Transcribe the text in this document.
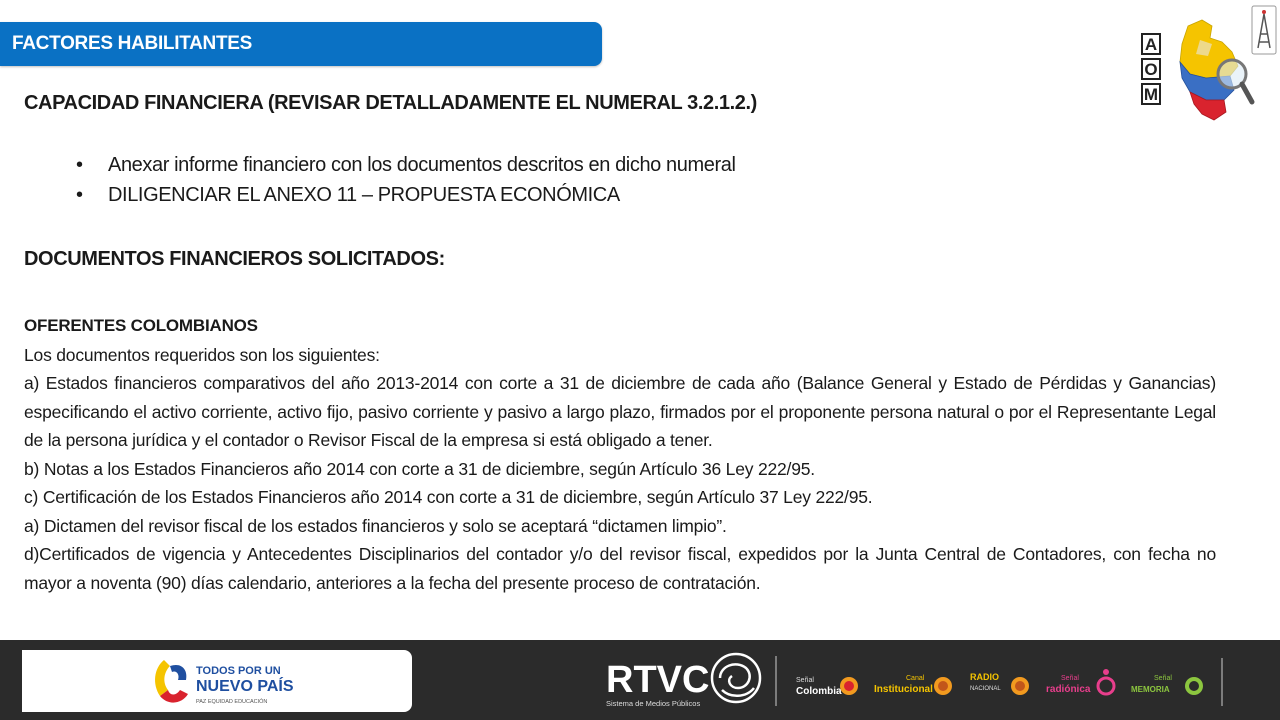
FACTORES HABILITANTES	A
O
M
CAPACIDAD FINANCIERA (REVISAR DETALLADAMENTE EL NUMERAL 3.2.1.2.)
• Anexar informe financiero con los documentos descritos en dicho numeral
• DILIGENCIAR EL ANEXO 11 – PROPUESTA ECONÓMICA
DOCUMENTOS FINANCIEROS SOLICITADOS:

OFERENTES COLOMBIANOS

Los documentos requeridos son los siguientes:

a) Estados financieros comparativos del año 2013-2014 con corte a 31 de diciembre de cada año (Balance General y Estado de Pérdidas y Ganancias) especificando el activo corriente, activo fijo, pasivo corriente y pasivo a largo plazo, firmados por el proponente persona natural o por el Representante Legal de la persona jurídica y el contador o Revisor Fiscal de la empresa si está obligado a tener.

b) Notas a los Estados Financieros año 2014 con corte a 31 de diciembre, según Artículo 36 Ley 222/95.

c) Certificación de los Estados Financieros año 2014 con corte a 31 de diciembre, según Artículo 37 Ley 222/95.

a) Dictamen del revisor fiscal de los estados financieros y solo se aceptará “dictamen limpio”.

d)Certificados de vigencia y Antecedentes Disciplinarios del contador y/o del revisor fiscal, expedidos por la Junta Central de Contadores, con fecha no mayor a noventa (90) días calendario, anteriores a la fecha del presente proceso de contratación.

TODOS POR UN
NUEVO PAÍS
PAZ EQUIDAD EDUCACIÓN
RTVC
Sistema de Medios Públicos
Señal
Colombia
Canal
Institucional
RADIO
NACIONAL
Señal
radiónica
Señal
MEMORIA
